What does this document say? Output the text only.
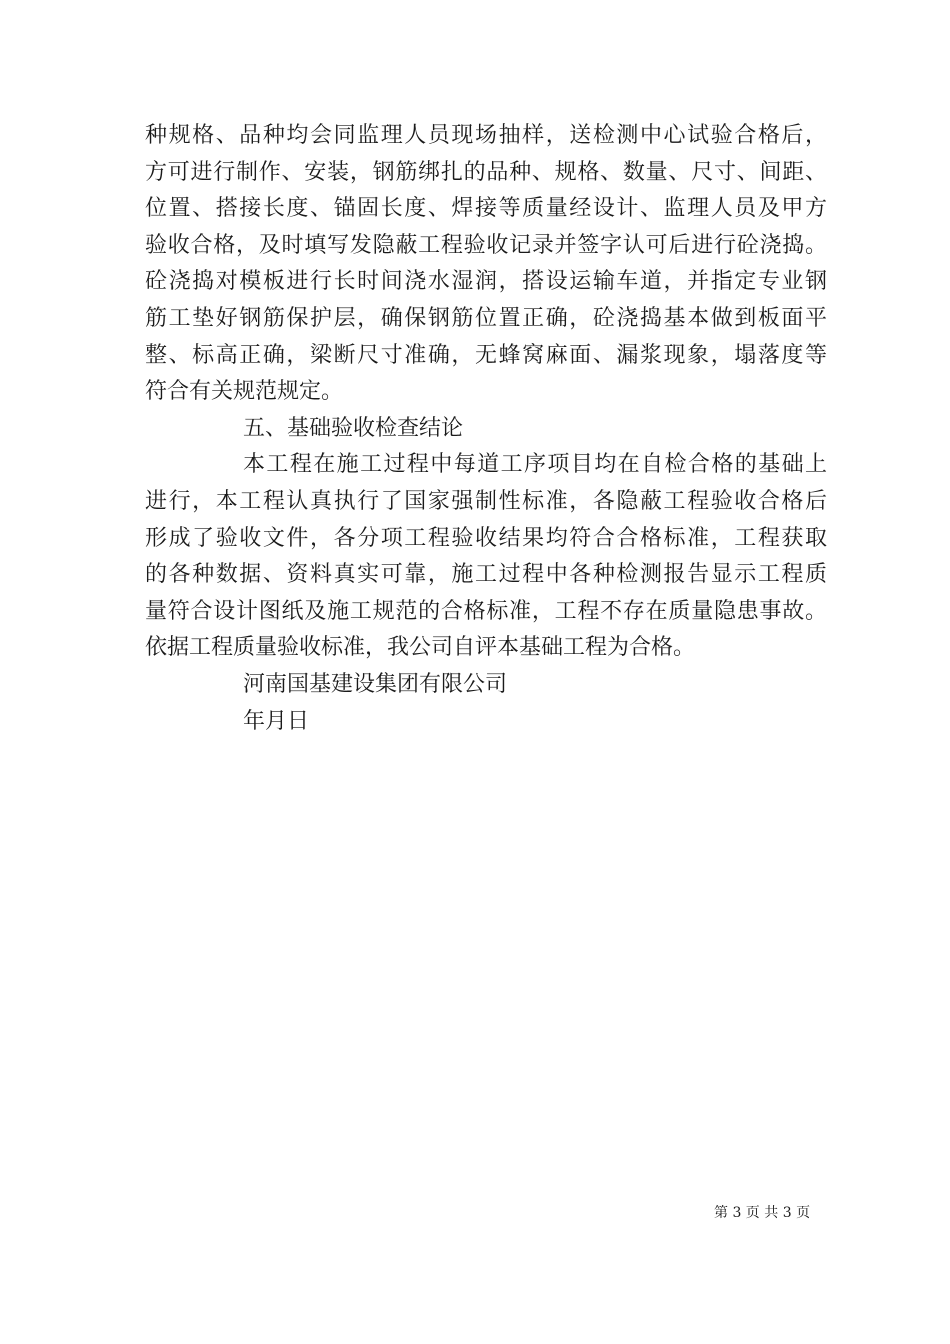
种规格、品种均会同监理人员现场抽样，送检测中心试验合格后，
方可进行制作、安装，钢筋绑扎的品种、规格、数量、尺寸、间距、
位置、搭接长度、锚固长度、焊接等质量经设计、监理人员及甲方
验收合格，及时填写发隐蔽工程验收记录并签字认可后进行砼浇捣。
砼浇捣对模板进行长时间浇水湿润，搭设运输车道，并指定专业钢
筋工垫好钢筋保护层，确保钢筋位置正确，砼浇捣基本做到板面平
整、标高正确，梁断尺寸准确，无蜂窝麻面、漏浆现象，塌落度等
符合有关规范规定。
五、基础验收检查结论
本工程在施工过程中每道工序项目均在自检合格的基础上
进行，本工程认真执行了国家强制性标准，各隐蔽工程验收合格后
形成了验收文件，各分项工程验收结果均符合合格标准，工程获取
的各种数据、资料真实可靠，施工过程中各种检测报告显示工程质
量符合设计图纸及施工规范的合格标准，工程不存在质量隐患事故。
依据工程质量验收标准，我公司自评本基础工程为合格。
河南国基建设集团有限公司
年月日
第 3 页 共 3 页
